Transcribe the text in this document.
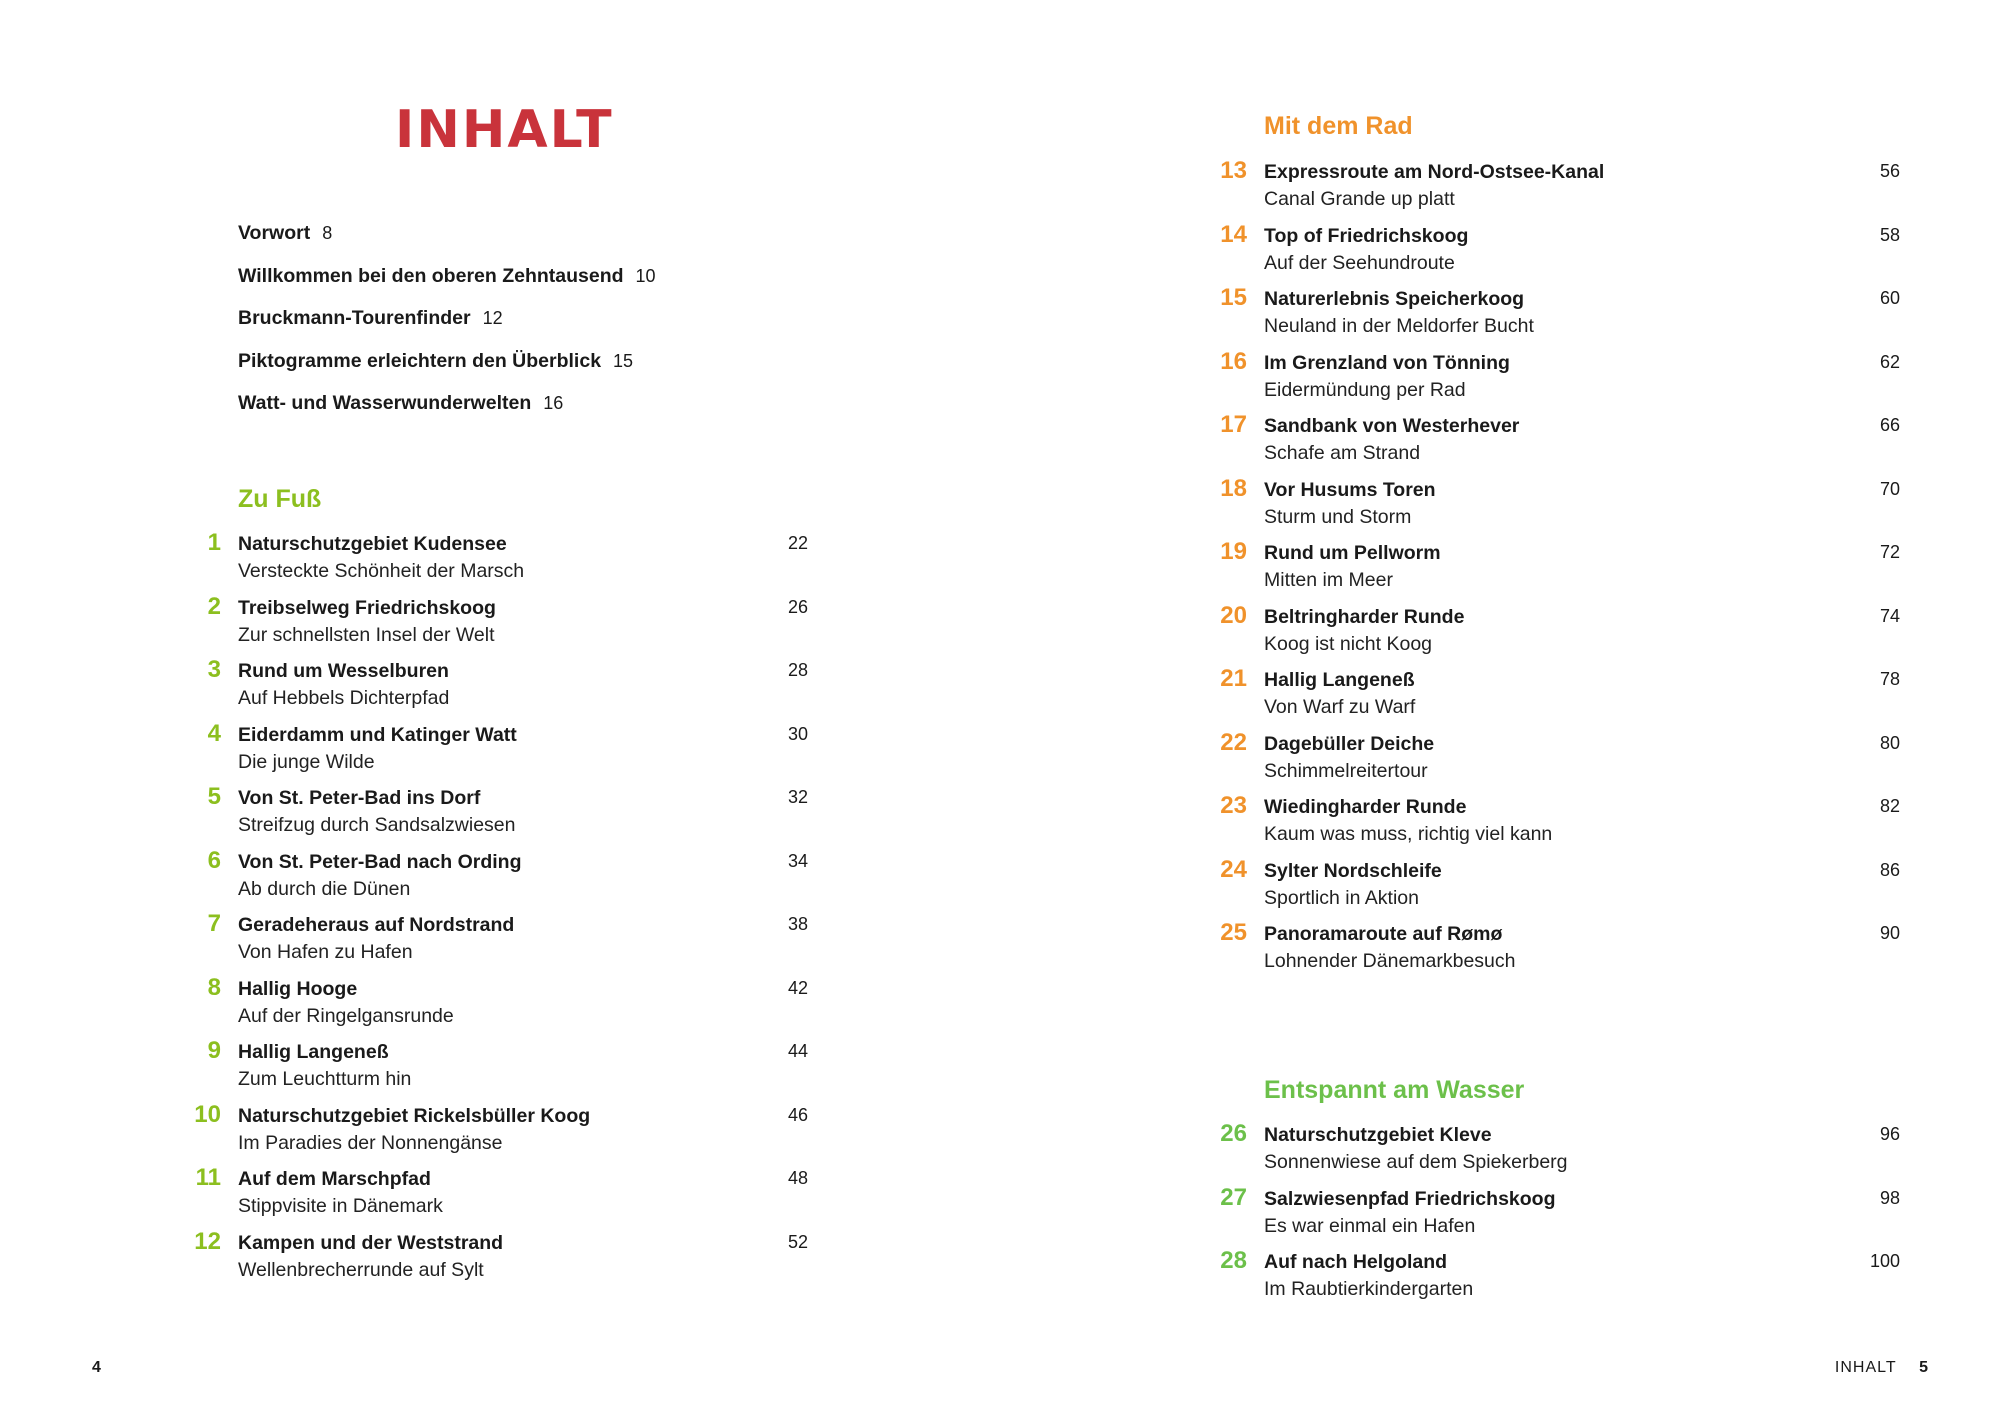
INHALT
Vorwort 8
Willkommen bei den oberen Zehntausend 10
Bruckmann-Tourenfinder 12
Piktogramme erleichtern den Überblick 15
Watt- und Wasserwunderwelten 16
Zu Fuß
1 Naturschutzgebiet Kudensee
Versteckte Schönheit der Marsch
22
2 Treibselweg Friedrichskoog
Zur schnellsten Insel der Welt
26
3 Rund um Wesselburen
Auf Hebbels Dichterpfad
28
4 Eiderdamm und Katinger Watt
Die junge Wilde
30
5 Von St. Peter-Bad ins Dorf
Streifzug durch Sandsalzwiesen
32
6 Von St. Peter-Bad nach Ording
Ab durch die Dünen
34
7 Geradeheraus auf Nordstrand
Von Hafen zu Hafen
38
8 Hallig Hooge
Auf der Ringelgansrunde
42
9 Hallig Langeneß
Zum Leuchtturm hin
44
10 Naturschutzgebiet Rickelsbüller Koog
Im Paradies der Nonnengänse
46
11 Auf dem Marschpfad
Stippvisite in Dänemark
48
12 Kampen und der Weststrand
Wellenbrecherrunde auf Sylt
52
Mit dem Rad
13 Expressroute am Nord-Ostsee-Kanal
Canal Grande up platt
56
14 Top of Friedrichskoog
Auf der Seehundroute
58
15 Naturerlebnis Speicherkoog
Neuland in der Meldorfer Bucht
60
16 Im Grenzland von Tönning
Eidermündung per Rad
62
17 Sandbank von Westerhever
Schafe am Strand
66
18 Vor Husums Toren
Sturm und Storm
70
19 Rund um Pellworm
Mitten im Meer
72
20 Beltringharder Runde
Koog ist nicht Koog
74
21 Hallig Langeneß
Von Warf zu Warf
78
22 Dagebüller Deiche
Schimmelreitertour
80
23 Wiedingharder Runde
Kaum was muss, richtig viel kann
82
24 Sylter Nordschleife
Sportlich in Aktion
86
25 Panoramaroute auf Rømø
Lohnender Dänemarkbesuch
90
Entspannt am Wasser
26 Naturschutzgebiet Kleve
Sonnenwiese auf dem Spiekerberg
96
27 Salzwiesenpfad Friedrichskoog
Es war einmal ein Hafen
98
28 Auf nach Helgoland
Im Raubtierkindergarten
100
4	INHALT 5
